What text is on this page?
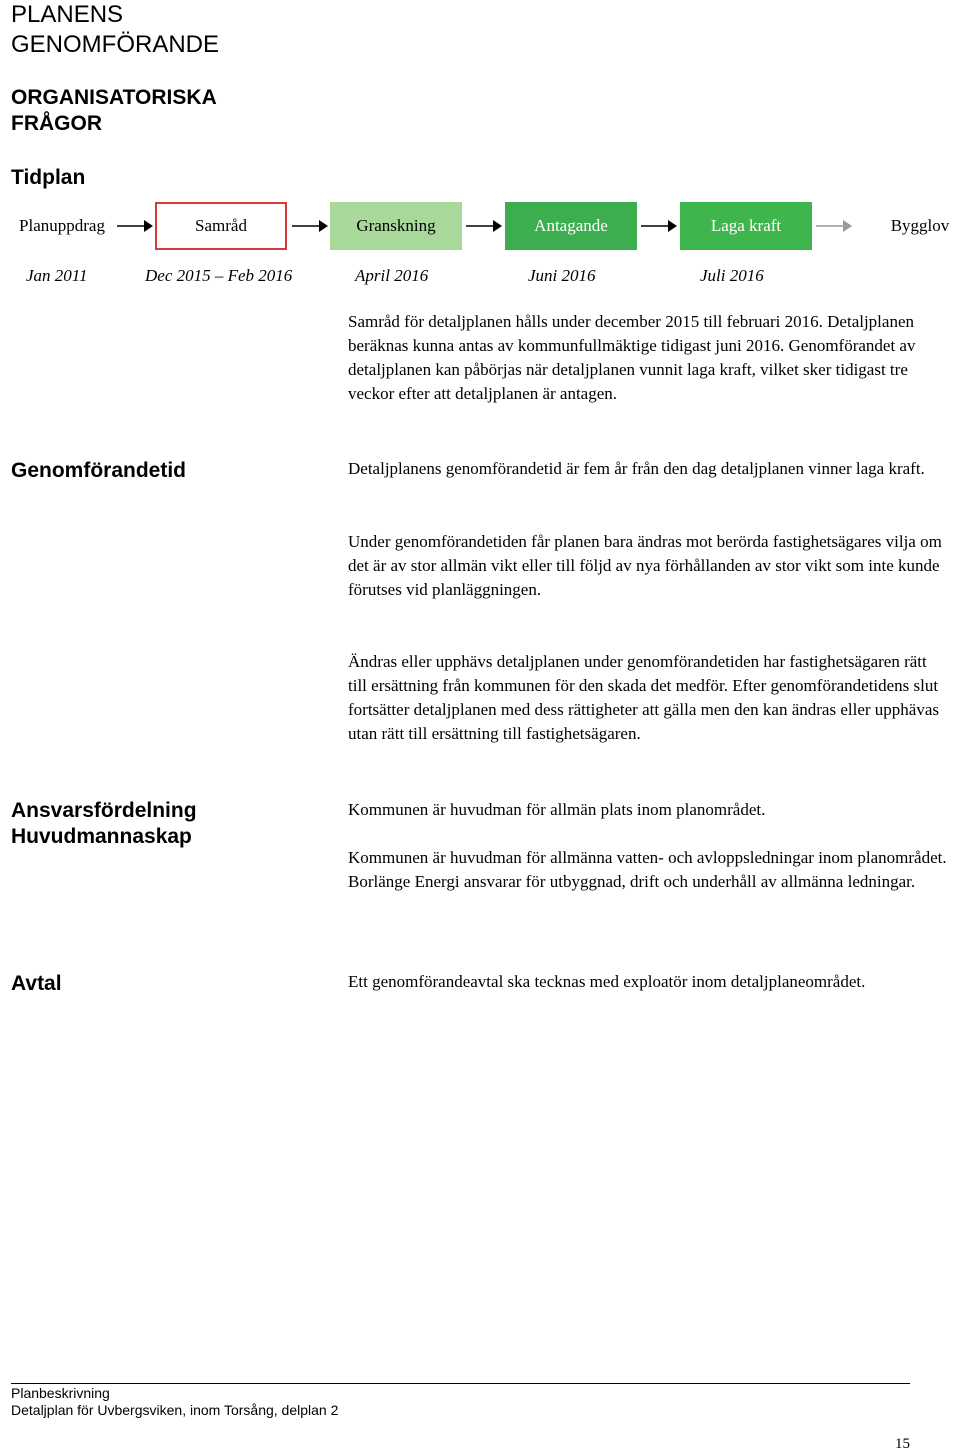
PLANENS
GENOMFÖRANDE
ORGANISATORISKA
FRÅGOR
Tidplan
Planuppdrag	Samråd	Granskning	Antagande	Laga kraft	Bygglov
Jan 2011	Dec 2015 – Feb 2016	April 2016	Juni 2016	Juli 2016

Samråd för detaljplanen hålls under december 2015 till februari 2016. Detaljplanen beräknas kunna antas av kommunfullmäktige tidigast juni 2016. Genomförandet av detaljplanen kan påbörjas när detaljplanen vunnit laga kraft, vilket sker tidigast tre veckor efter att detaljplanen är antagen.

Genomförandetid	Detaljplanens genomförandetid är fem år från den dag detaljplanen vinner laga kraft.

Under genomförandetiden får planen bara ändras mot berörda fastighetsägares vilja om det är av stor allmän vikt eller till följd av nya förhållanden av stor vikt som inte kunde förutses vid planläggningen.

Ändras eller upphävs detaljplanen under genomförandetiden har fastighetsägaren rätt till ersättning från kommunen för den skada det medför. Efter genomförandetidens slut fortsätter detaljplanen med dess rättigheter att gälla men den kan ändras eller upphävas utan rätt till ersättning till fastighetsägaren.

Ansvarsfördelning
Huvudmannaskap

Kommunen är huvudman för allmän plats inom planområdet.

Kommunen är huvudman för allmänna vatten- och avloppsledningar inom planområdet. Borlänge Energi ansvarar för utbyggnad, drift och underhåll av allmänna ledningar.

Avtal	Ett genomförandeavtal ska tecknas med exploatör inom detaljplaneområdet.

Planbeskrivning
Detaljplan för Uvbergsviken, inom Torsång, delplan 2
15
